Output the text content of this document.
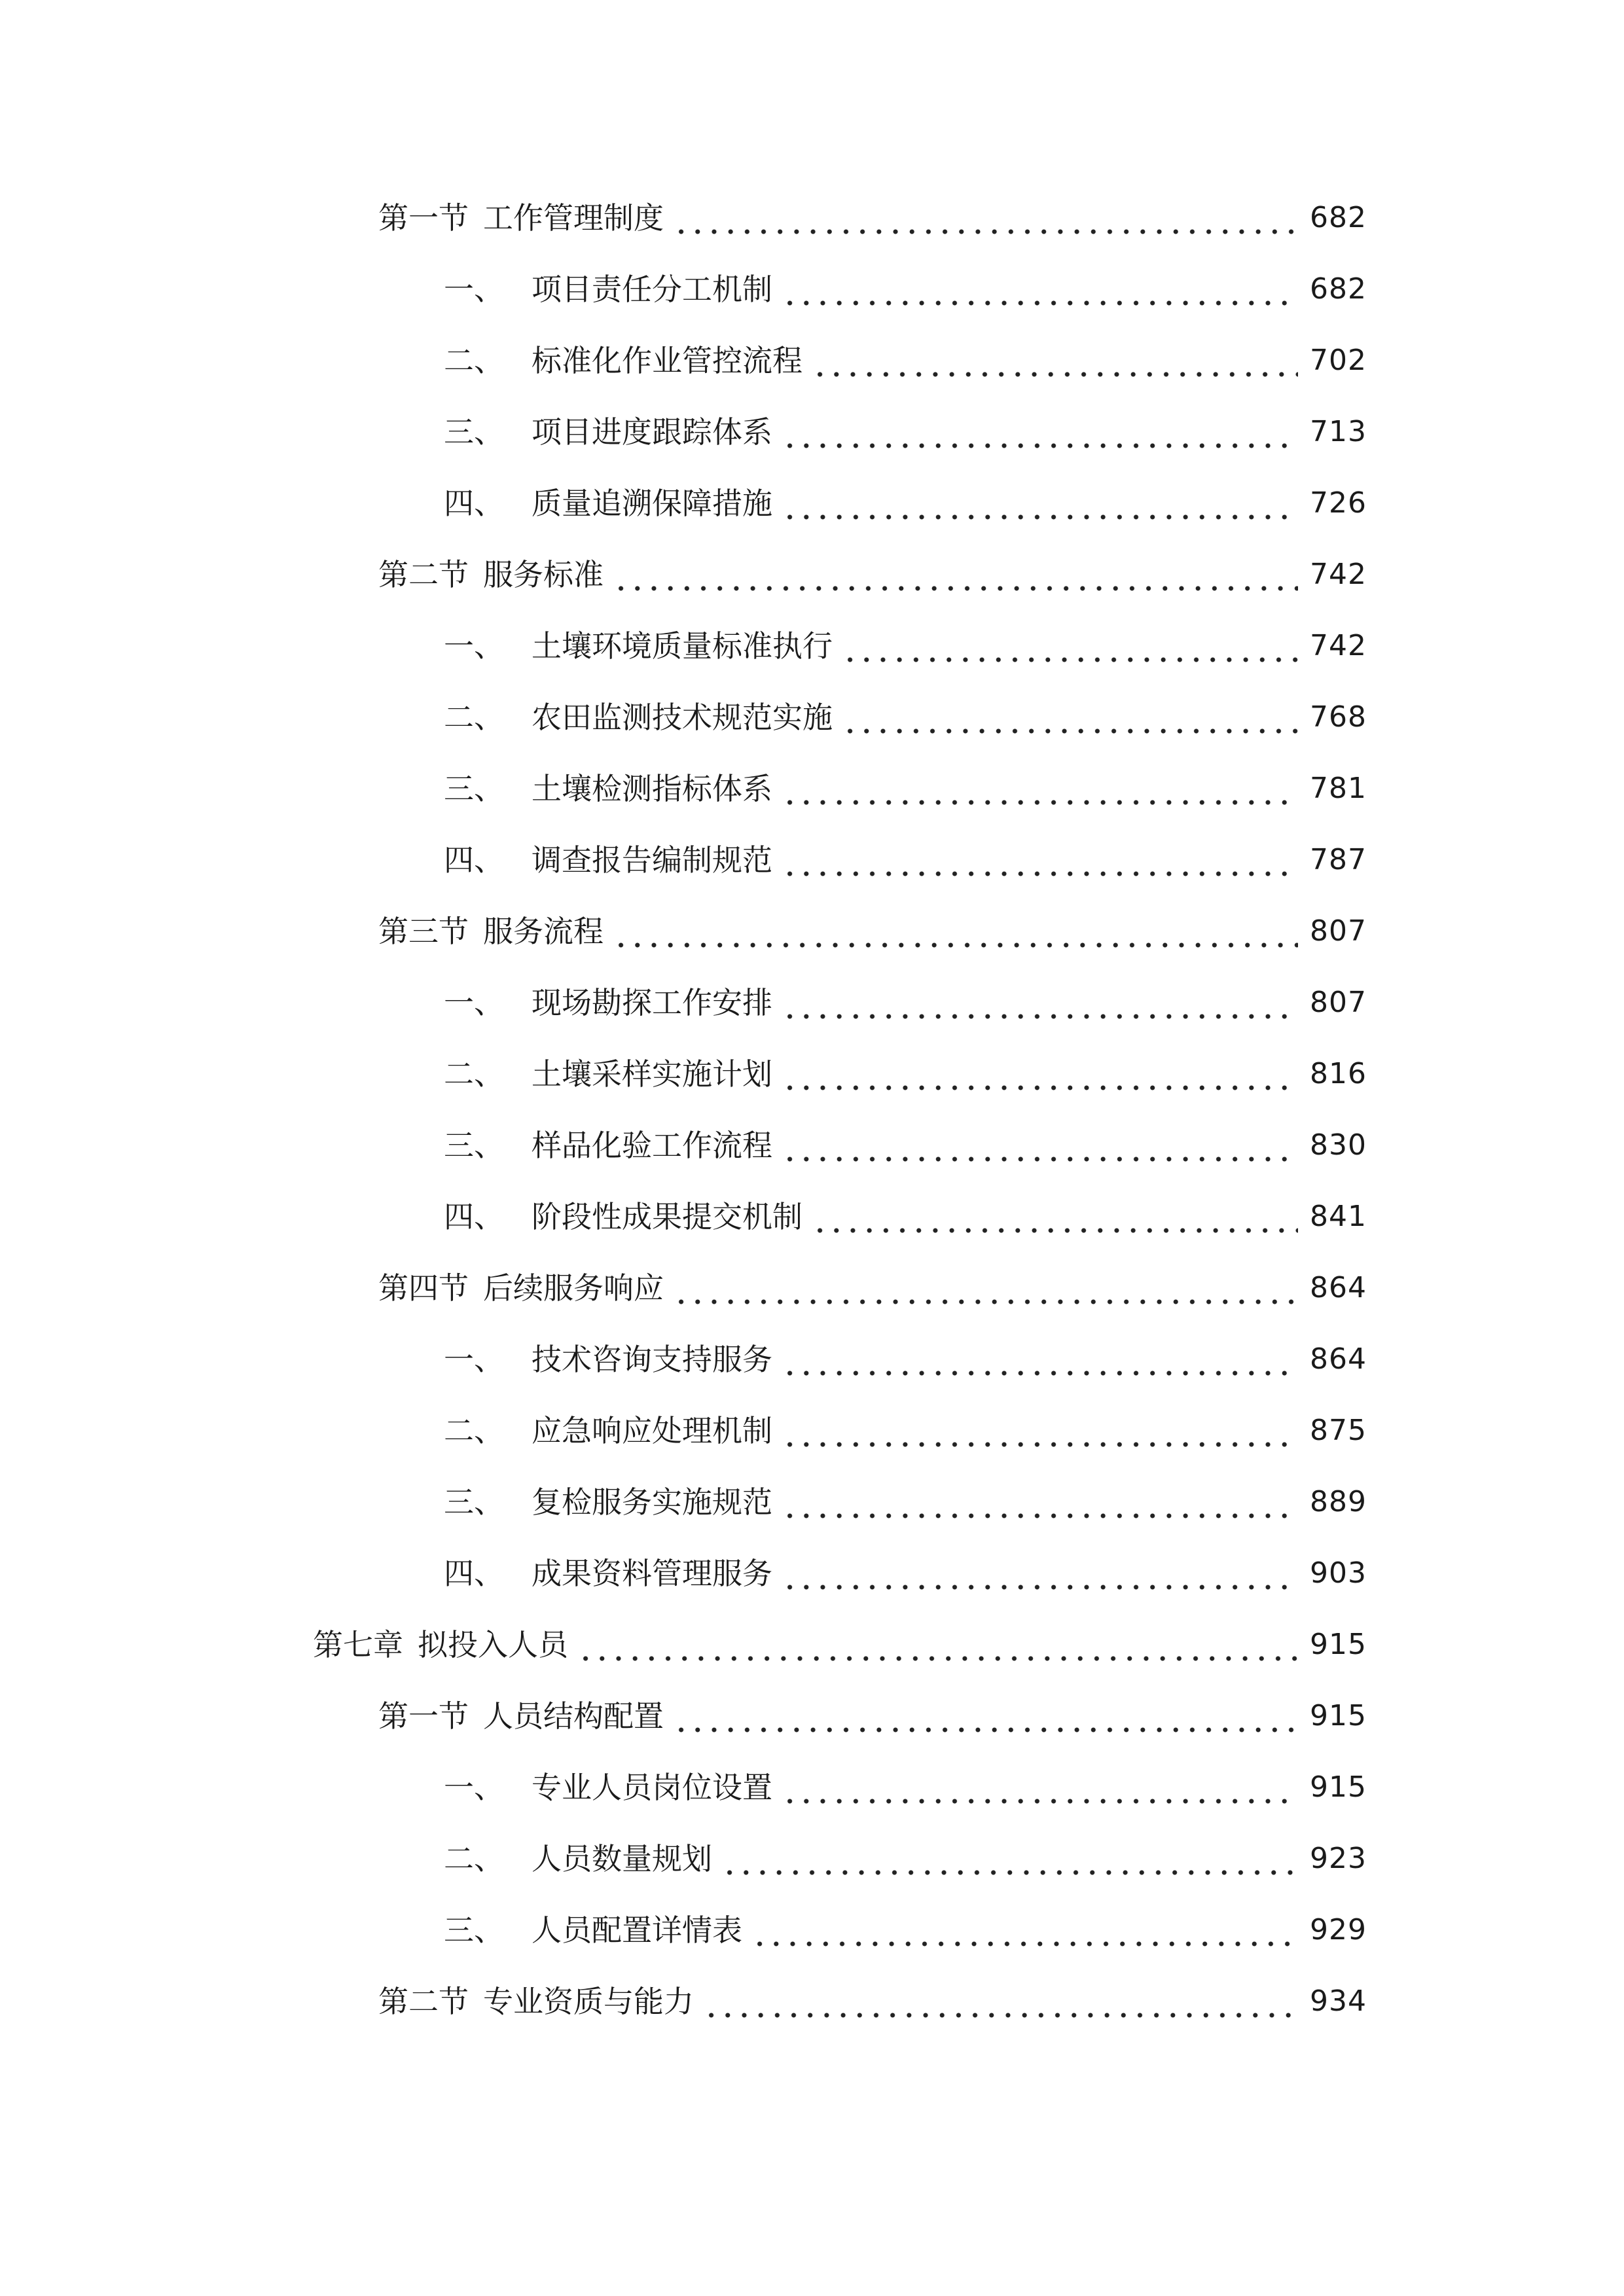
第一节 工作管理制度	682
一、 项目责任分工机制	682
二、 标准化作业管控流程	702
三、 项目进度跟踪体系	713
四、 质量追溯保障措施	726
第二节 服务标准	742
一、 土壤环境质量标准执行	742
二、 农田监测技术规范实施	768
三、 土壤检测指标体系	781
四、 调查报告编制规范	787
第三节 服务流程	807
一、 现场勘探工作安排	807
二、 土壤采样实施计划	816
三、 样品化验工作流程	830
四、 阶段性成果提交机制	841
第四节 后续服务响应	864
一、 技术咨询支持服务	864
二、 应急响应处理机制	875
三、 复检服务实施规范	889
四、 成果资料管理服务	903
第七章 拟投入人员	915
第一节 人员结构配置	915
一、 专业人员岗位设置	915
二、 人员数量规划	923
三、 人员配置详情表	929
第二节 专业资质与能力	934
